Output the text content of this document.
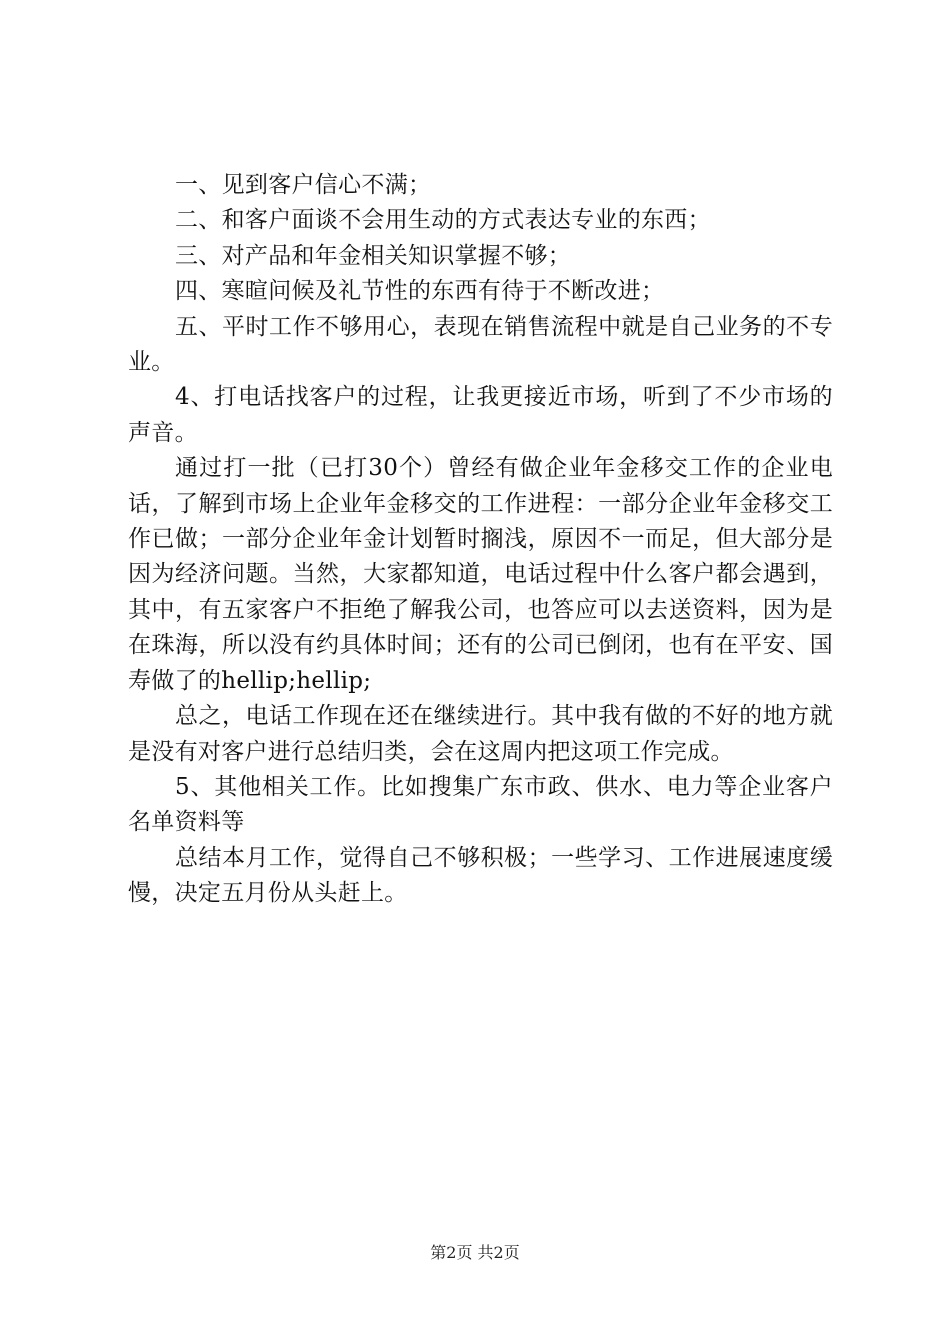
一、见到客户信心不满；

二、和客户面谈不会用生动的方式表达专业的东西；

三、对产品和年金相关知识掌握不够；

四、寒暄问候及礼节性的东西有待于不断改进；

五、平时工作不够用心，表现在销售流程中就是自己业务的不专业。

4、打电话找客户的过程，让我更接近市场，听到了不少市场的声音。

通过打一批（已打30个）曾经有做企业年金移交工作的企业电话，了解到市场上企业年金移交的工作进程：一部分企业年金移交工作已做；一部分企业年金计划暂时搁浅，原因不一而足，但大部分是因为经济问题。当然，大家都知道，电话过程中什么客户都会遇到，其中，有五家客户不拒绝了解我公司，也答应可以去送资料，因为是在珠海，所以没有约具体时间；还有的公司已倒闭，也有在平安、国寿做了的hellip;hellip;

总之，电话工作现在还在继续进行。其中我有做的不好的地方就是没有对客户进行总结归类，会在这周内把这项工作完成。

5、其他相关工作。比如搜集广东市政、供水、电力等企业客户名单资料等

总结本月工作，觉得自己不够积极；一些学习、工作进展速度缓慢，决定五月份从头赶上。

第2页 共2页
